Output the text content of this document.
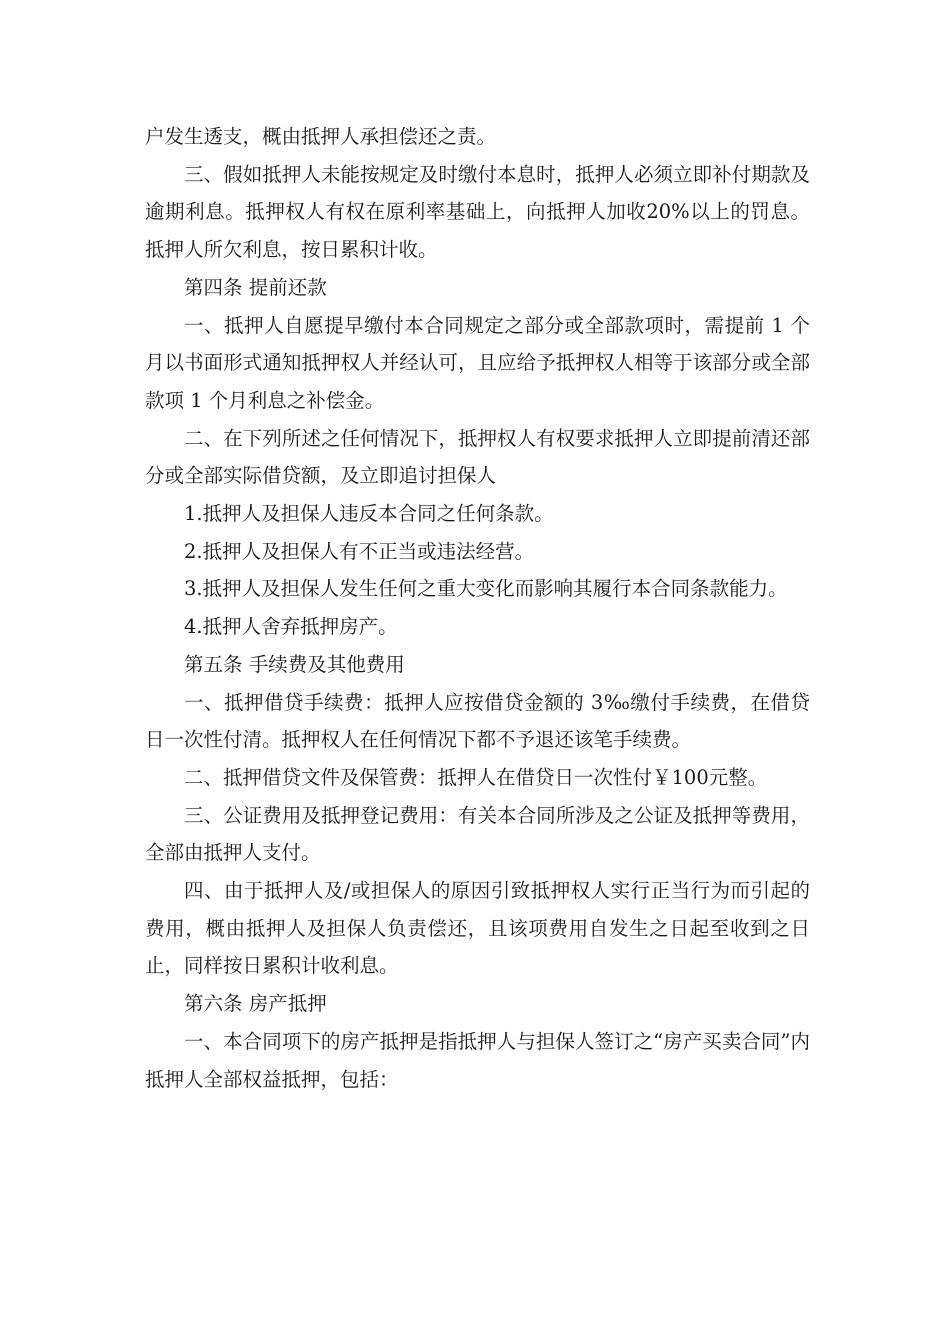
户发生透支，概由抵押人承担偿还之责。

三、假如抵押人未能按规定及时缴付本息时，抵押人必须立即补付期款及逾期利息。抵押权人有权在原利率基础上，向抵押人加收20%以上的罚息。抵押人所欠利息，按日累积计收。

第四条 提前还款

一、抵押人自愿提早缴付本合同规定之部分或全部款项时，需提前 1 个月以书面形式通知抵押权人并经认可，且应给予抵押权人相等于该部分或全部款项 1 个月利息之补偿金。

二、在下列所述之任何情况下，抵押权人有权要求抵押人立即提前清还部分或全部实际借贷额，及立即追讨担保人

1.抵押人及担保人违反本合同之任何条款。

2.抵押人及担保人有不正当或违法经营。

3.抵押人及担保人发生任何之重大变化而影响其履行本合同条款能力。

4.抵押人舍弃抵押房产。

第五条 手续费及其他费用

一、抵押借贷手续费：抵押人应按借贷金额的 3‰缴付手续费，在借贷日一次性付清。抵押权人在任何情况下都不予退还该笔手续费。

二、抵押借贷文件及保管费：抵押人在借贷日一次性付￥100元整。

三、公证费用及抵押登记费用：有关本合同所涉及之公证及抵押等费用，全部由抵押人支付。

四、由于抵押人及/或担保人的原因引致抵押权人实行正当行为而引起的费用，概由抵押人及担保人负责偿还，且该项费用自发生之日起至收到之日止，同样按日累积计收利息。

第六条 房产抵押

一、本合同项下的房产抵押是指抵押人与担保人签订之“房产买卖合同”内抵押人全部权益抵押，包括：
